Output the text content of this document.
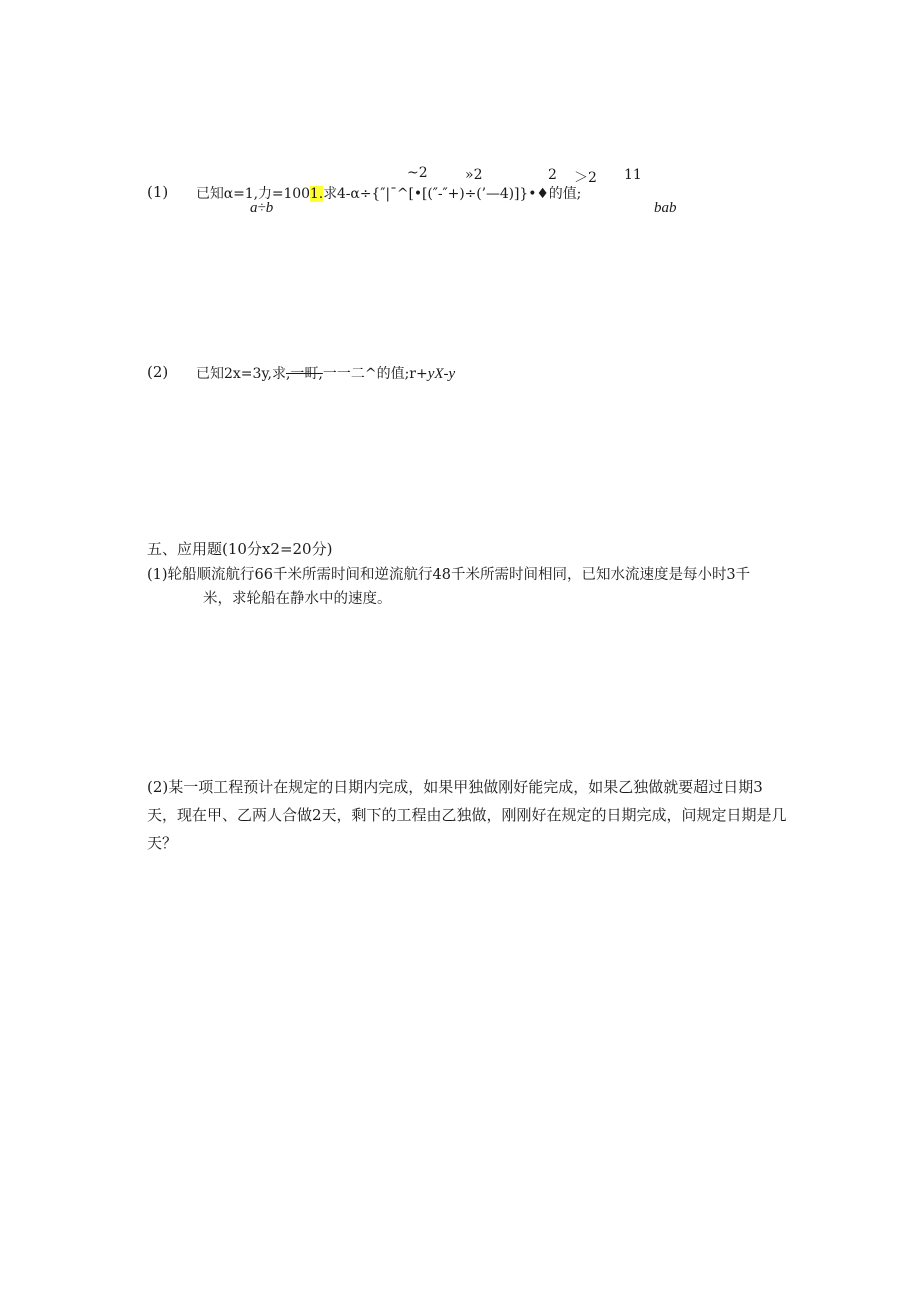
~2	»2	2 ＞2 11
(1) 已知α=1,力=1001.求4-α÷{″|¯^[•[(″-″+)÷(’—4)]}•♦的值;
a÷b	bab
(2) 已知2x=3y,求,一町,一一二^的值;r+yX-y
五、应用题(10分x2=20分)
(1)轮船顺流航行66千米所需时间和逆流航行48千米所需时间相同，已知水流速度是每小时3千
米，求轮船在静水中的速度。
(2)某一项工程预计在规定的日期内完成，如果甲独做刚好能完成，如果乙独做就要超过日期3天，现在甲、乙两人合做2天，剩下的工程由乙独做，刚刚好在规定的日期完成，问规定日期是几天？
